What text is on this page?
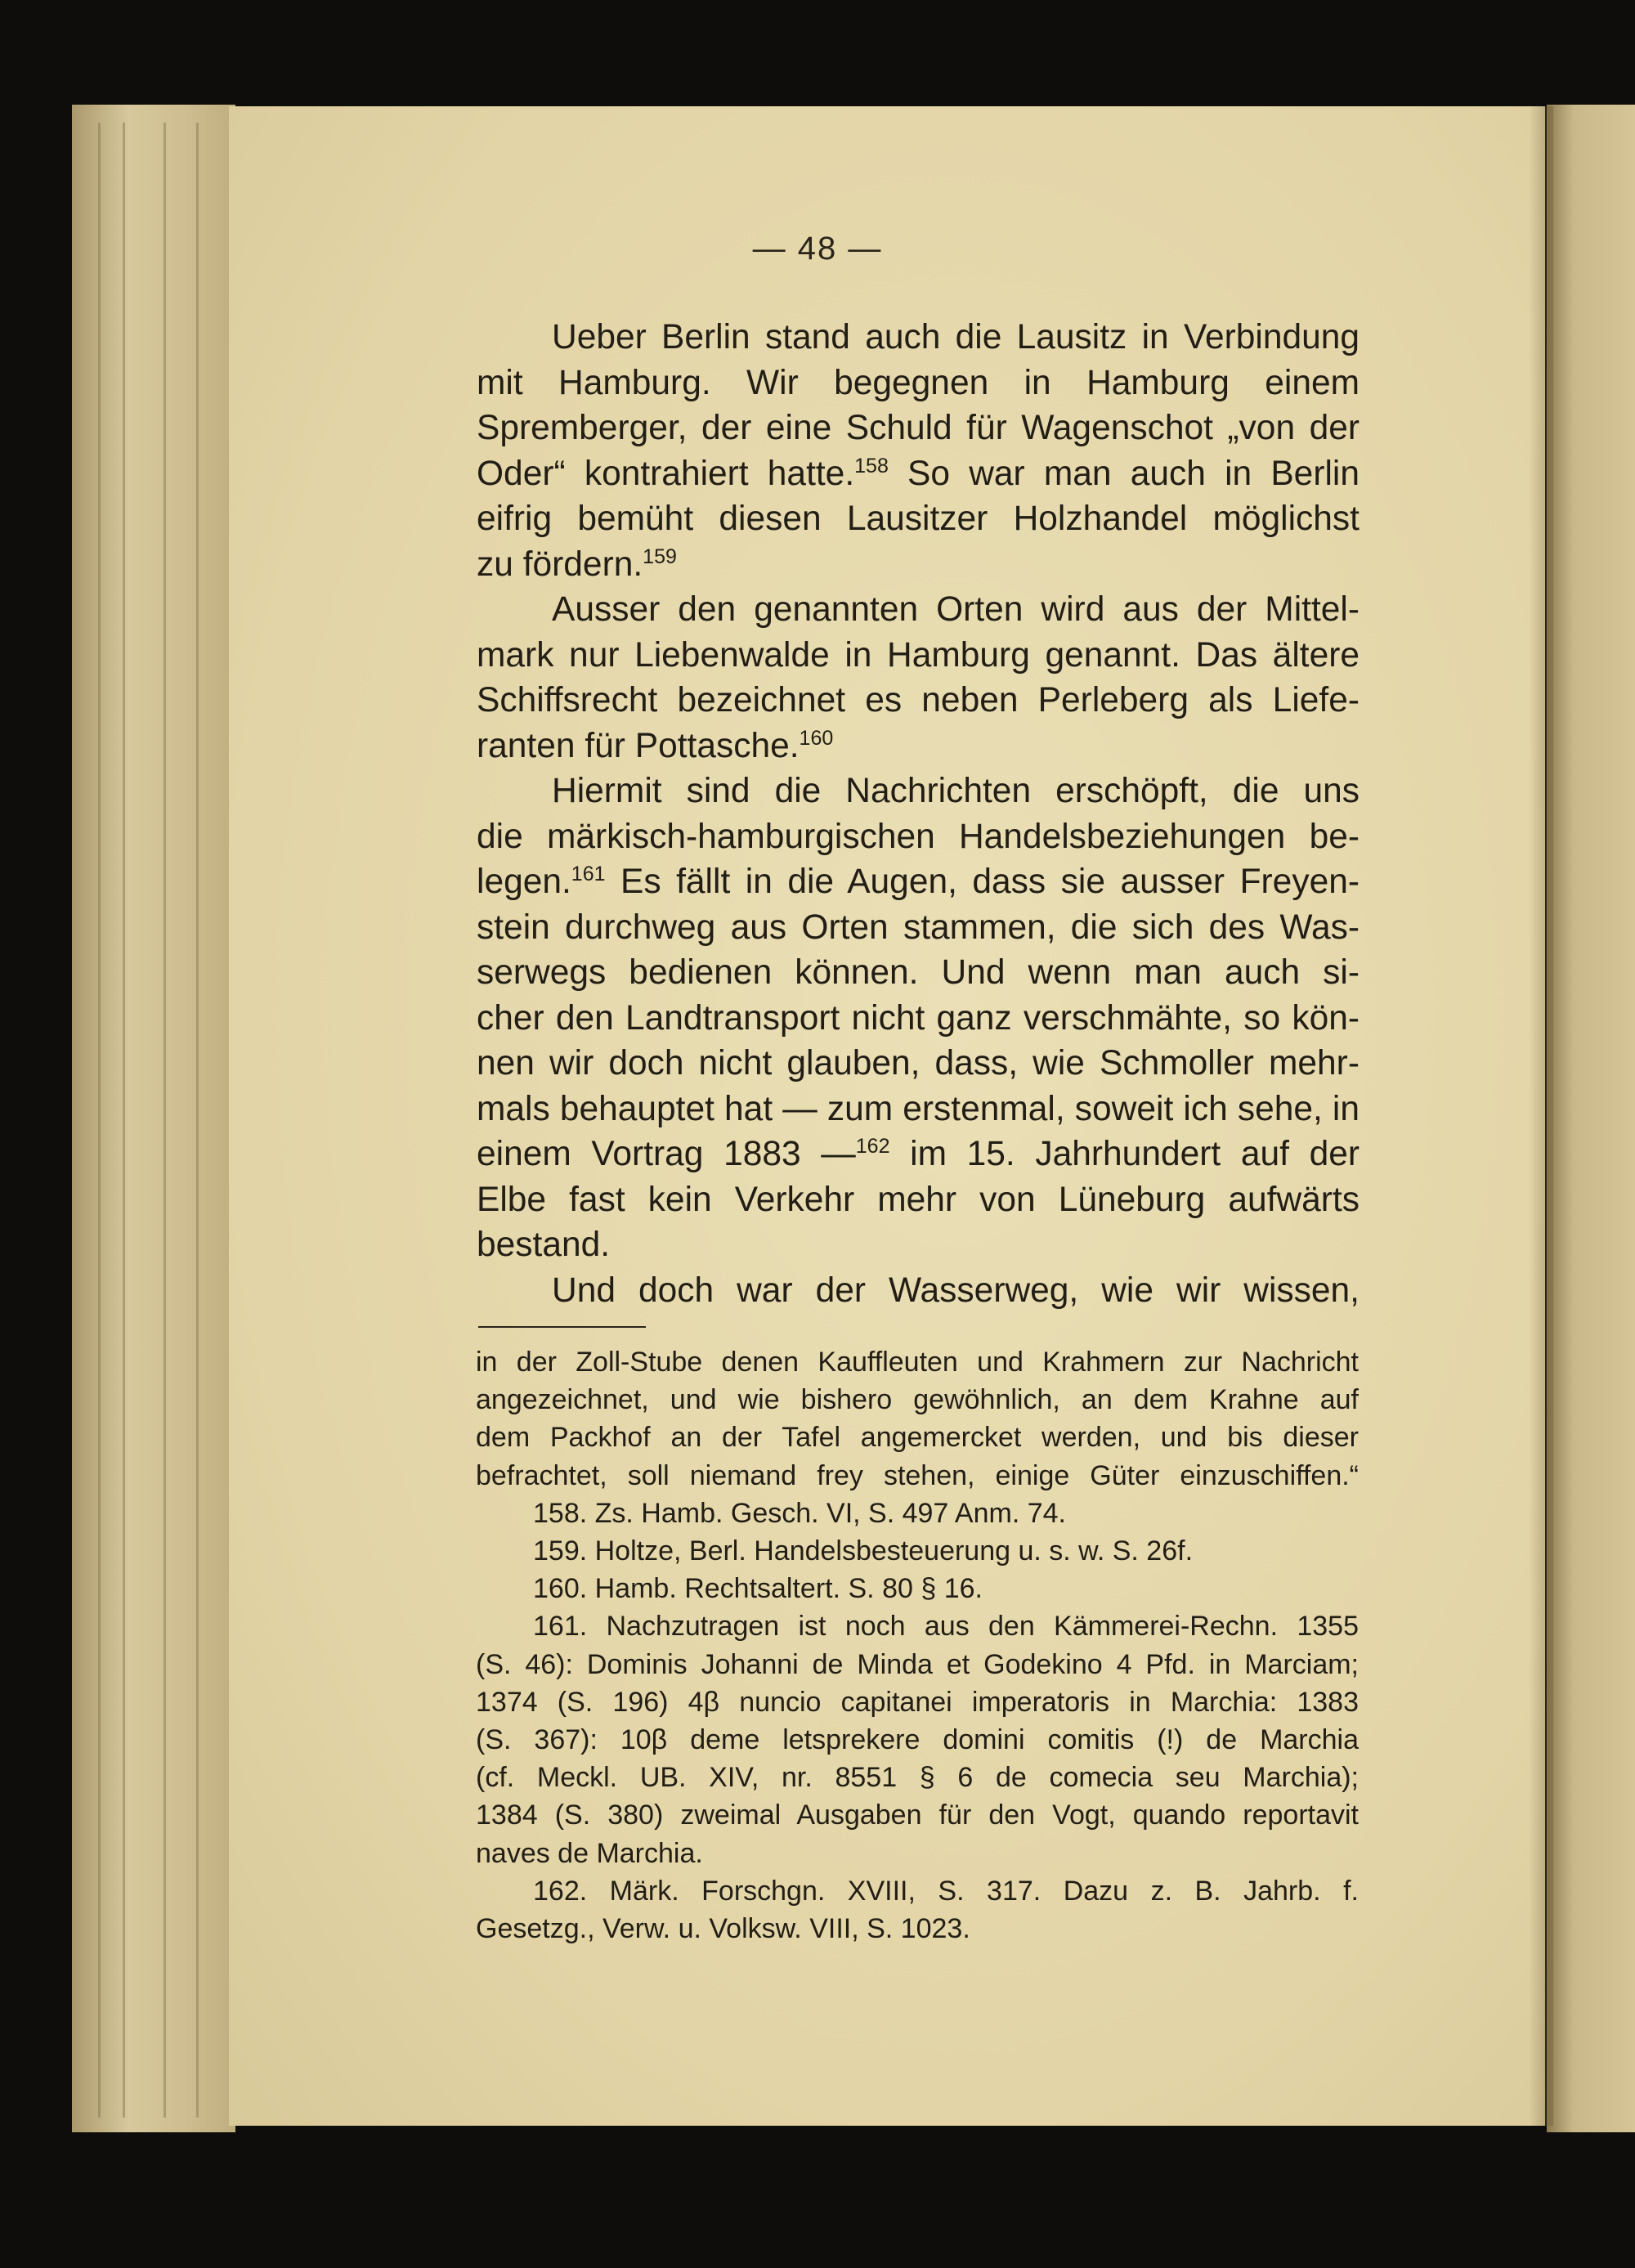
— 48 —
Ueber Berlin stand auch die Lausitz in Verbindung
mit Hamburg. Wir begegnen in Hamburg einem
Spremberger, der eine Schuld für Wagenschot „von der
Oder“ kontrahiert hatte.$^{158}$ So war man auch in Berlin
eifrig bemüht diesen Lausitzer Holzhandel möglichst
zu fördern.$^{159}$
Ausser den genannten Orten wird aus der Mittel-
mark nur Liebenwalde in Hamburg genannt. Das ältere
Schiffsrecht bezeichnet es neben Perleberg als Liefe-
ranten für Pottasche.$^{160}$
Hiermit sind die Nachrichten erschöpft, die uns
die märkisch-hamburgischen Handelsbeziehungen be-
legen.$^{161}$ Es fällt in die Augen, dass sie ausser Freyen-
stein durchweg aus Orten stammen, die sich des Was-
serwegs bedienen können. Und wenn man auch si-
cher den Landtransport nicht ganz verschmähte, so kön-
nen wir doch nicht glauben, dass, wie Schmoller mehr-
mals behauptet hat — zum erstenmal, soweit ich sehe, in
einem Vortrag 1883 —$^{162}$ im 15. Jahrhundert auf der
Elbe fast kein Verkehr mehr von Lüneburg aufwärts
bestand.
Und doch war der Wasserweg, wie wir wissen,
in der Zoll-Stube denen Kauffleuten und Krahmern zur Nachricht
angezeichnet, und wie bishero gewöhnlich, an dem Krahne auf
dem Packhof an der Tafel angemercket werden, und bis dieser
befrachtet, soll niemand frey stehen, einige Güter einzuschiffen.“
158. Zs. Hamb. Gesch. VI, S. 497 Anm. 74.
159. Holtze, Berl. Handelsbesteuerung u. s. w. S. 26f.
160. Hamb. Rechtsaltert. S. 80 § 16.
161. Nachzutragen ist noch aus den Kämmerei-Rechn. 1355
(S. 46): Dominis Johanni de Minda et Godekino 4 Pfd. in Marciam;
1374 (S. 196) 4β nuncio capitanei imperatoris in Marchia: 1383
(S. 367): 10β deme letsprekere domini comitis (!) de Marchia
(cf. Meckl. UB. XIV, nr. 8551 § 6 de comecia seu Marchia);
1384 (S. 380) zweimal Ausgaben für den Vogt, quando reportavit
naves de Marchia.
162. Märk. Forschgn. XVIII, S. 317. Dazu z. B. Jahrb. f.
Gesetzg., Verw. u. Volksw. VIII, S. 1023.
